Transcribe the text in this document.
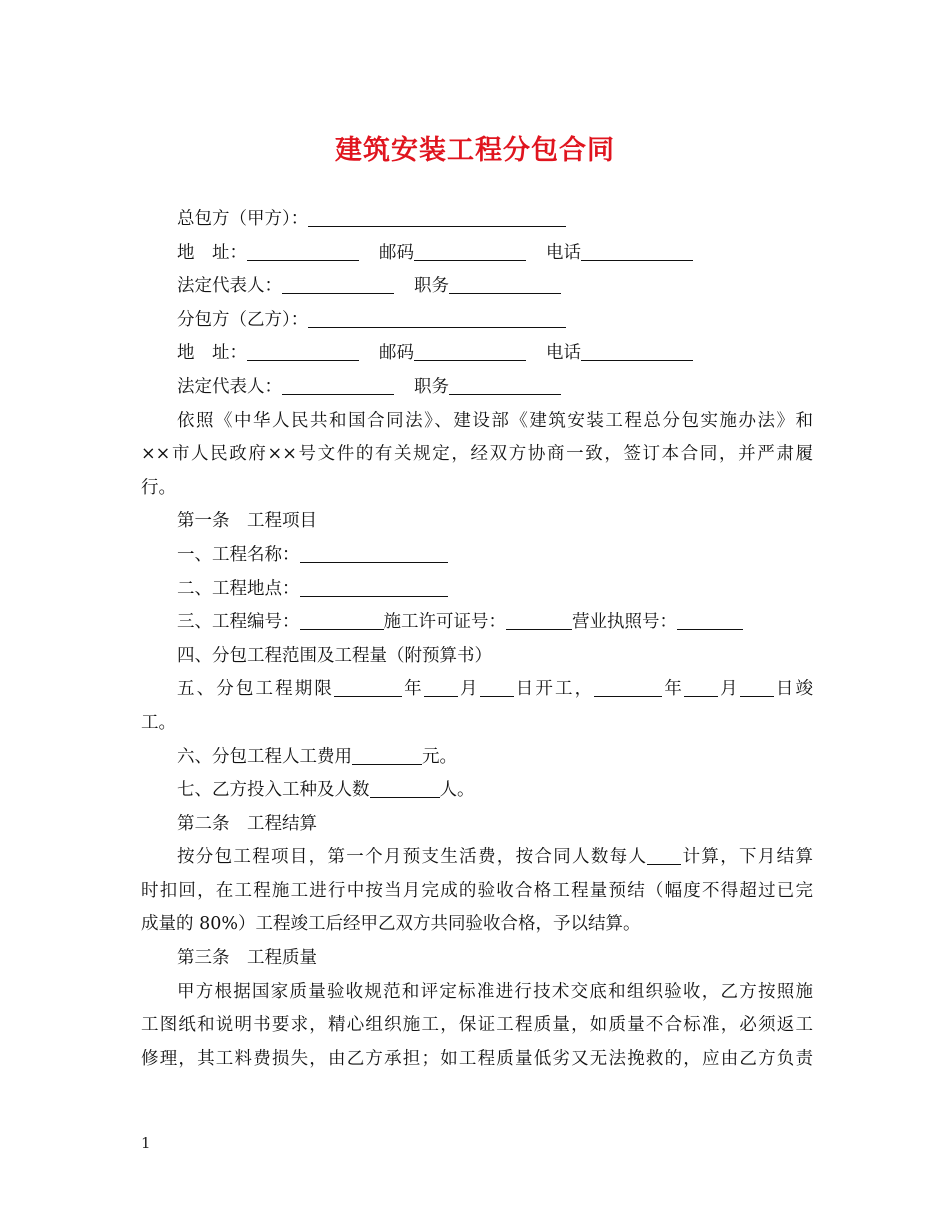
建筑安装工程分包合同
总包方（甲方）：
地　址：	邮码	电话
法定代表人：	职务
分包方（乙方）：
地　址：	邮码	电话
法定代表人：	职务
依照《中华人民共和国合同法》、建设部《建筑安装工程总分包实施办法》和
××市人民政府××号文件的有关规定，经双方协商一致，签订本合同，并严肃履
行。
第一条　工程项目
一、工程名称：
二、工程地点：
三、工程编号：	施工许可证号：	营业执照号：
四、分包工程范围及工程量（附预算书）
五、分包工程期限	年 月 日开工，	年 月 日竣
工。
六、分包工程人工费用	元。
七、乙方投入工种及人数	人。
第二条　工程结算
按分包工程项目，第一个月预支生活费，按合同人数每人 计算，下月结算
时扣回，在工程施工进行中按当月完成的验收合格工程量预结（幅度不得超过已完
成量的 80%）工程竣工后经甲乙双方共同验收合格，予以结算。
第三条　工程质量
甲方根据国家质量验收规范和评定标准进行技术交底和组织验收，乙方按照施
工图纸和说明书要求，精心组织施工，保证工程质量，如质量不合标准，必须返工
修理，其工料费损失，由乙方承担；如工程质量低劣又无法挽救的，应由乙方负责
1
